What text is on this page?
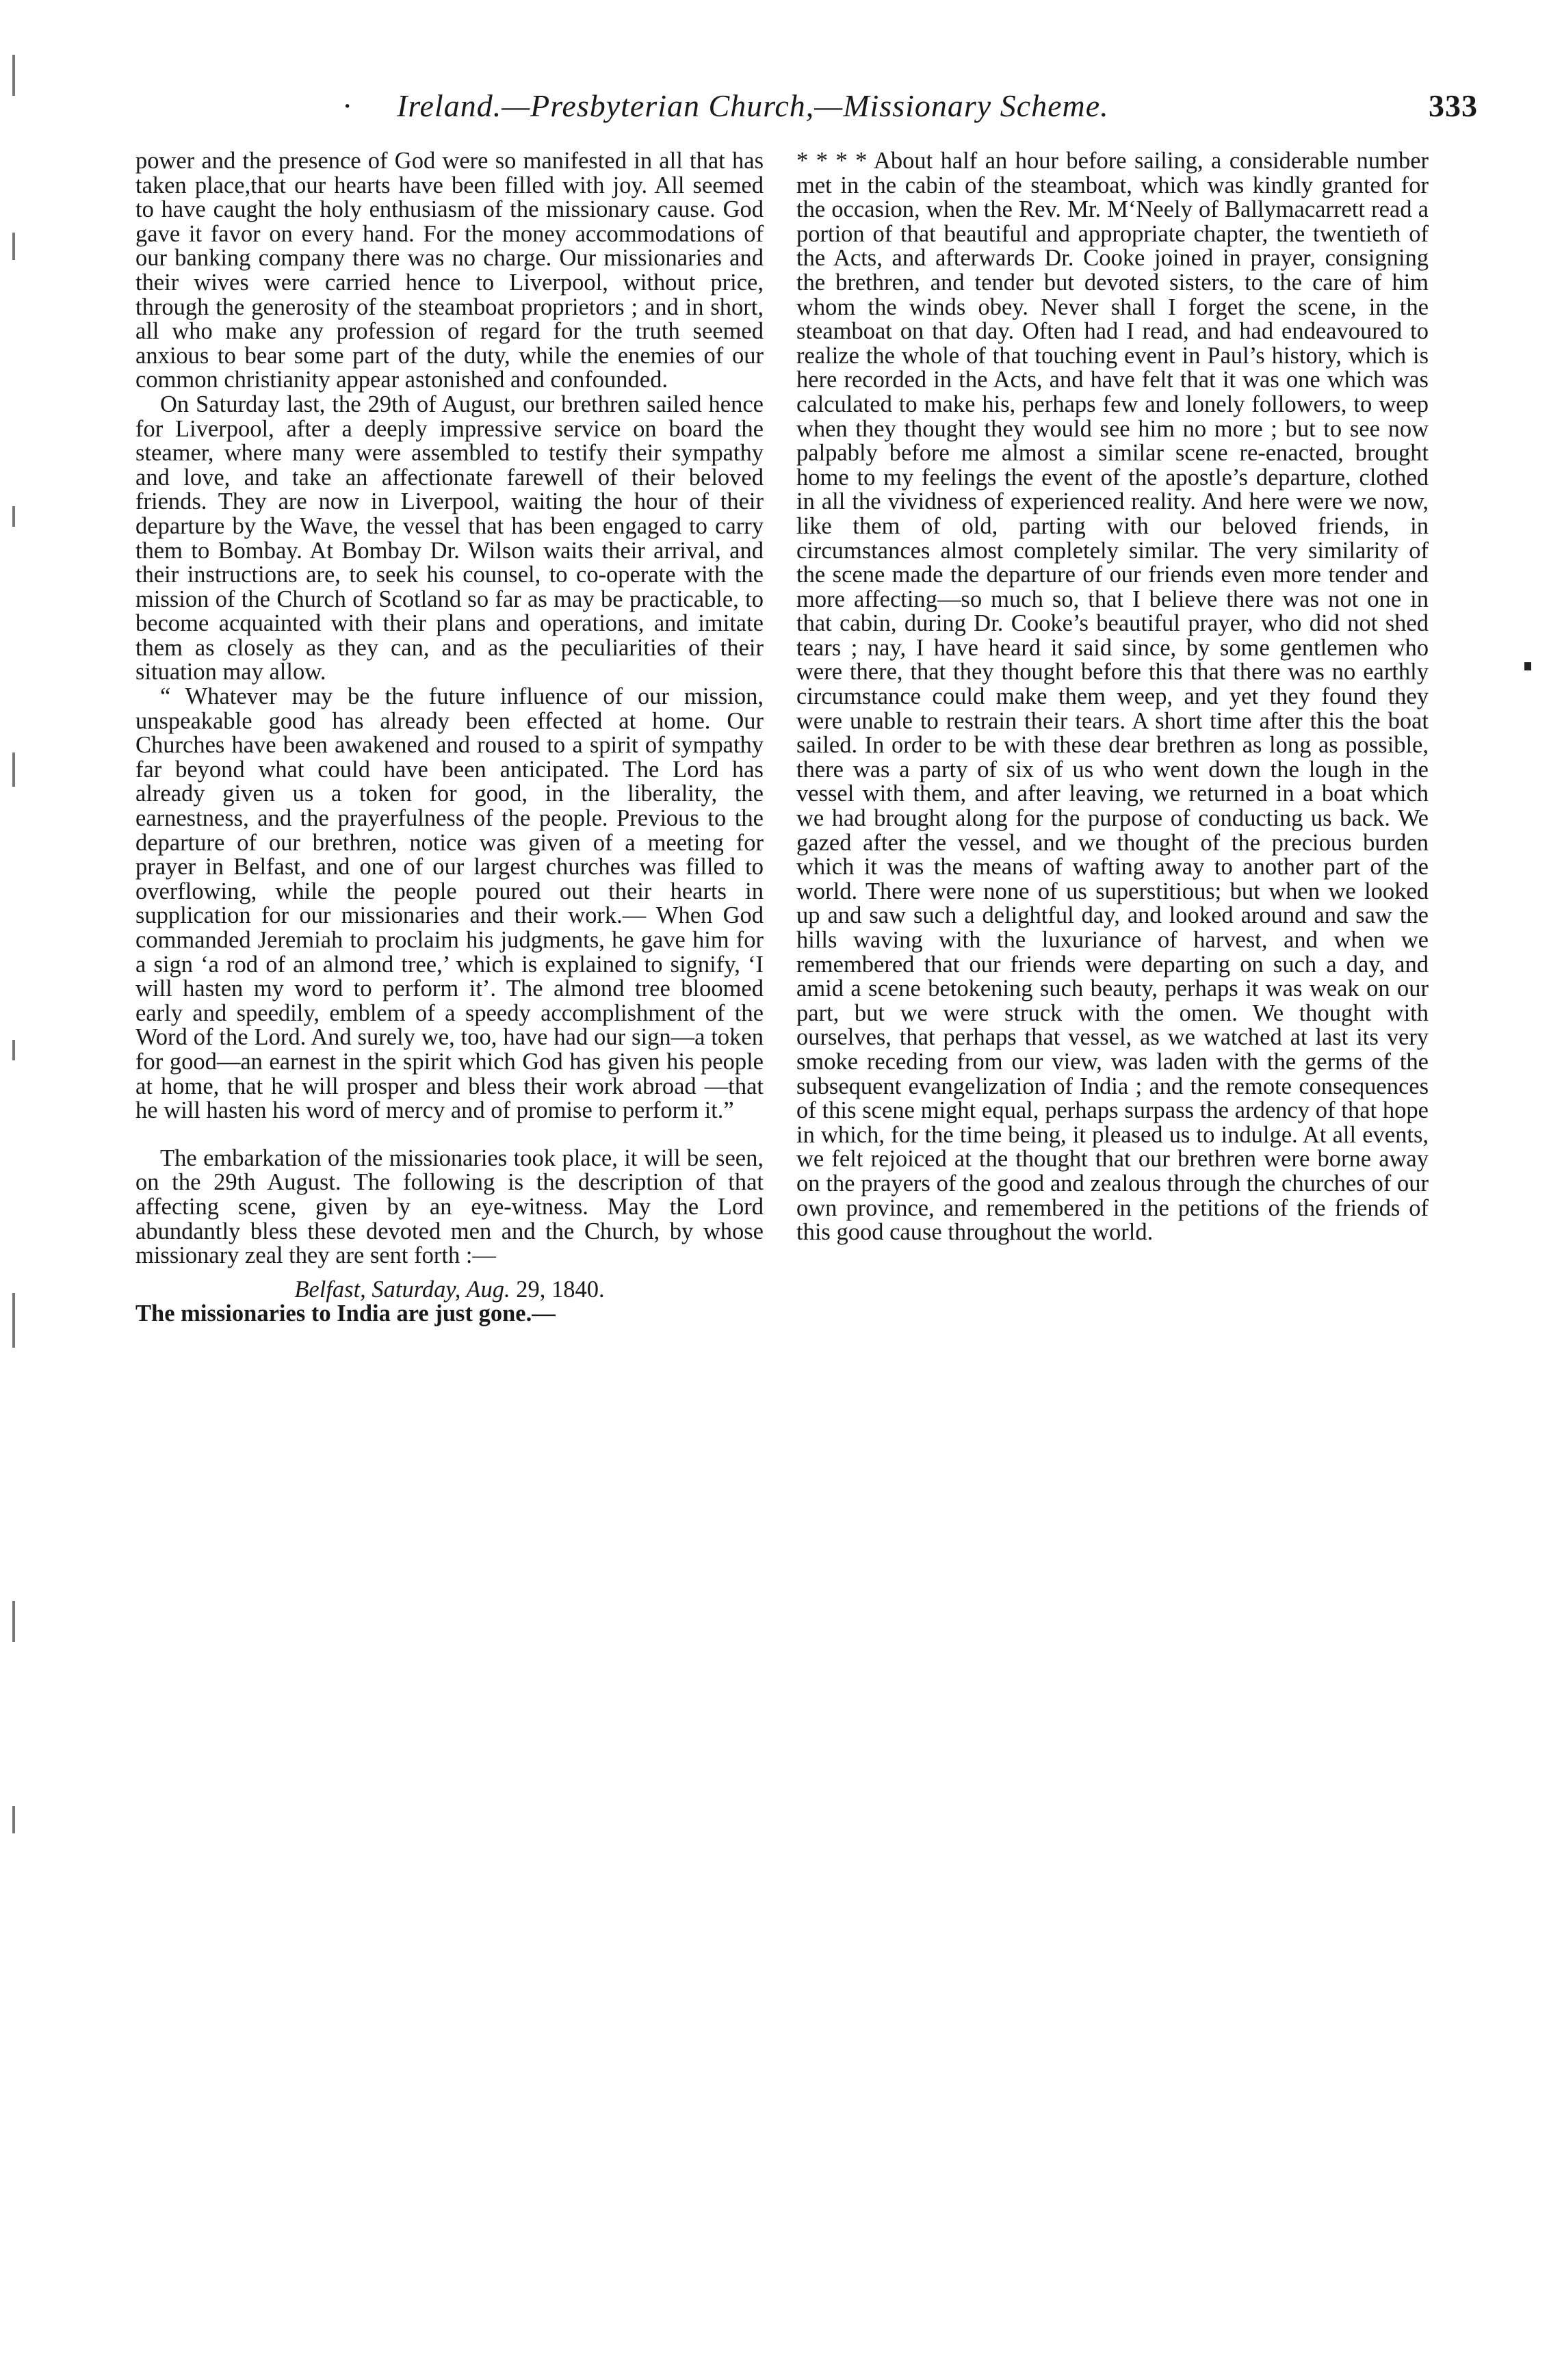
· Ireland.—Presbyterian Church,—Missionary Scheme.	333

power and the presence of God were so manifested in all that has taken place,that our hearts have been filled with joy. All seemed to have caught the holy enthusiasm of the missionary cause. God gave it favor on every hand. For the money accommodations of our banking company there was no charge. Our missionaries and their wives were carried hence to Liverpool, without price, through the generosity of the steamboat proprietors ; and in short, all who make any profession of regard for the truth seemed anxious to bear some part of the duty, while the enemies of our common christianity appear astonished and confounded.

On Saturday last, the 29th of August, our brethren sailed hence for Liverpool, after a deeply impressive service on board the steamer, where many were assembled to testify their sympathy and love, and take an affectionate farewell of their beloved friends. They are now in Liverpool, waiting the hour of their departure by the Wave, the vessel that has been engaged to carry them to Bombay. At Bombay Dr. Wilson waits their arrival, and their instructions are, to seek his counsel, to co-operate with the mission of the Church of Scotland so far as may be practicable, to become acquainted with their plans and operations, and imitate them as closely as they can, and as the peculiarities of their situation may allow.

“ Whatever may be the future influence of our mission, unspeakable good has already been effected at home. Our Churches have been awakened and roused to a spirit of sympathy far beyond what could have been anticipated. The Lord has already given us a token for good, in the liberality, the earnestness, and the prayerfulness of the people. Previous to the departure of our brethren, notice was given of a meeting for prayer in Belfast, and one of our largest churches was filled to overflowing, while the people poured out their hearts in supplication for our missionaries and their work.— When God commanded Jeremiah to proclaim his judgments, he gave him for a sign ‘a rod of an almond tree,’ which is explained to signify, ‘I will hasten my word to perform it’. The almond tree bloomed early and speedily, emblem of a speedy accomplishment of the Word of the Lord. And surely we, too, have had our sign—a token for good—an earnest in the spirit which God has given his people at home, that he will prosper and bless their work abroad —that he will hasten his word of mercy and of promise to perform it.”

The embarkation of the missionaries took place, it will be seen, on the 29th August. The following is the description of that affecting scene, given by an eye-witness. May the Lord abundantly bless these devoted men and the Church, by whose missionary zeal they are sent forth :—

Belfast, Saturday, Aug. 29, 1840.

The missionaries to India are just gone.—

* * * * About half an hour before sailing, a considerable number met in the cabin of the steamboat, which was kindly granted for the occasion, when the Rev. Mr. M‘Neely of Ballymacarrett read a portion of that beautiful and appropriate chapter, the twentieth of the Acts, and afterwards Dr. Cooke joined in prayer, consigning the brethren, and tender but devoted sisters, to the care of him whom the winds obey. Never shall I forget the scene, in the steamboat on that day. Often had I read, and had endeavoured to realize the whole of that touching event in Paul’s history, which is here recorded in the Acts, and have felt that it was one which was calculated to make his, perhaps few and lonely followers, to weep when they thought they would see him no more ; but to see now palpably before me almost a similar scene re-enacted, brought home to my feelings the event of the apostle’s departure, clothed in all the vividness of experienced reality. And here were we now, like them of old, parting with our beloved friends, in circumstances almost completely similar. The very similarity of the scene made the departure of our friends even more tender and more affecting—so much so, that I believe there was not one in that cabin, during Dr. Cooke’s beautiful prayer, who did not shed tears ; nay, I have heard it said since, by some gentlemen who were there, that they thought before this that there was no earthly circumstance could make them weep, and yet they found they were unable to restrain their tears. A short time after this the boat sailed. In order to be with these dear brethren as long as possible, there was a party of six of us who went down the lough in the vessel with them, and after leaving, we returned in a boat which we had brought along for the purpose of conducting us back. We gazed after the vessel, and we thought of the precious burden which it was the means of wafting away to another part of the world. There were none of us superstitious; but when we looked up and saw such a delightful day, and looked around and saw the hills waving with the luxuriance of harvest, and when we remembered that our friends were departing on such a day, and amid a scene betokening such beauty, perhaps it was weak on our part, but we were struck with the omen. We thought with ourselves, that perhaps that vessel, as we watched at last its very smoke receding from our view, was laden with the germs of the subsequent evangelization of India ; and the remote consequences of this scene might equal, perhaps surpass the ardency of that hope in which, for the time being, it pleased us to indulge. At all events, we felt rejoiced at the thought that our brethren were borne away on the prayers of the good and zealous through the churches of our own province, and remembered in the petitions of the friends of this good cause throughout the world.
